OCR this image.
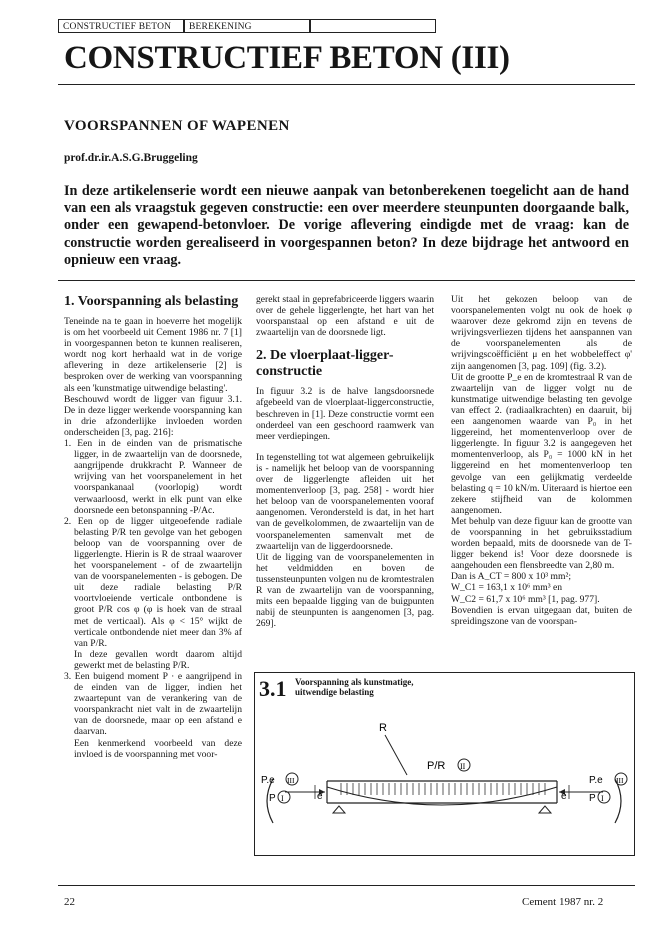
CONSTRUCTIEF BETON	BEREKENING
CONSTRUCTIEF BETON (III)
VOORSPANNEN OF WAPENEN
prof.dr.ir.A.S.G.Bruggeling
In deze artikelenserie wordt een nieuwe aanpak van betonberekenen toegelicht aan de hand van een als vraagstuk gegeven constructie: een over meerdere steunpunten doorgaande balk, onder een gewapend-betonvloer. De vorige aflevering eindigde met de vraag: kan de constructie worden gerealiseerd in voorgespannen beton? In deze bijdrage het antwoord en opnieuw een vraag.
1. Voorspanning als belasting

Teneinde na te gaan in hoeverre het mogelijk is om het voorbeeld uit Cement 1986 nr. 7 [1] in voorgespannen beton te kunnen realiseren, wordt nog kort herhaald wat in de vorige aflevering in deze artikelenserie [2] is besproken over de werking van voorspanning als een 'kunstmatige uitwendige belasting'.

Beschouwd wordt de ligger van figuur 3.1. De in deze ligger werkende voorspanning kan in drie afzonderlijke invloeden worden onderscheiden [3, pag. 216]:

1. Een in de einden van de prismatische ligger, in de zwaartelijn van de doorsnede, aangrijpende drukkracht P. Wanneer de wrijving van het voorspanelement in het voorspankanaal (voorlopig) wordt verwaarloosd, werkt in elk punt van elke doorsnede een betonspanning -P/Ac.

2. Een op de ligger uitgeoefende radiale belasting P/R ten gevolge van het gebogen beloop van de voorspanning over de liggerlengte. Hierin is R de straal waarover het voorspanelement - of de zwaartelijn van de voorspanelementen - is gebogen. De uit deze radiale belasting P/R voortvloeiende verticale ontbondene is groot P/R cos φ (φ is hoek van de straal met de verticaal). Als φ < 15° wijkt de verticale ontbondende niet meer dan 3% af van P/R.

In deze gevallen wordt daarom altijd gewerkt met de belasting P/R.

3. Een buigend moment P · e aangrijpend in de einden van de ligger, indien het zwaartepunt van de verankering van de voorspankracht niet valt in de zwaartelijn van de doorsnede, maar op een afstand e daarvan.

Een kenmerkend voorbeeld van deze invloed is de voorspanning met voor-

gerekt staal in geprefabriceerde liggers waarin over de gehele liggerlengte, het hart van het voorspanstaal op een afstand e uit de zwaartelijn van de doorsnede ligt.

2. De vloerplaat-ligger-constructie

In figuur 3.2 is de halve langsdoorsnede afgebeeld van de vloerplaat-liggerconstructie, beschreven in [1]. Deze constructie vormt een onderdeel van een geschoord raamwerk van meer verdiepingen.

In tegenstelling tot wat algemeen gebruikelijk is - namelijk het beloop van de voorspanning over de liggerlengte afleiden uit het momentenverloop [3, pag. 258] - wordt hier het beloop van de voorspanelementen vooraf aangenomen. Verondersteld is dat, in het hart van de gevelkolommen, de zwaartelijn van de voorspanelementen samenvalt met de zwaartelijn van de liggerdoorsnede.

Uit de ligging van de voorspanelementen in het veldmidden en boven de tussensteunpunten volgen nu de kromtestralen R van de zwaartelijn van de voorspanning, mits een bepaalde ligging van de buigpunten nabij de steunpunten is aangenomen [3, pag. 269].

Uit het gekozen beloop van de voorspanelementen volgt nu ook de hoek φ waarover deze gekromd zijn en tevens de wrijvingsverliezen tijdens het aanspannen van de voorspanelementen als de wrijvingscoëfficiënt μ en het wobbeleffect φ' zijn aangenomen [3, pag. 109] (fig. 3.2).

Uit de grootte P_e en de kromtestraal R van de zwaartelijn van de ligger volgt nu de kunstmatige uitwendige belasting ten gevolge van effect 2. (radiaalkrachten) en daaruit, bij een aangenomen waarde van P₀ in het liggereind, het momentenverloop over de liggerlengte. In figuur 3.2 is aangegeven het momentenverloop, als P₀ = 1000 kN in het liggereind en het momentenverloop ten gevolge van een gelijkmatig verdeelde belasting q = 10 kN/m. Uiteraard is hiertoe een zekere stijfheid van de kolommen aangenomen.

Met behulp van deze figuur kan de grootte van de voorspanning in het gebruiksstadium worden bepaald, mits de doorsnede van de T-ligger bekend is! Voor deze doorsnede is aangehouden een flensbreedte van 2,80 m.

Dan is A_CT = 800 x 10³ mm²;

W_C1 = 163,1 x 10⁶ mm³ en

W_C2 = 61,7 x 10⁶ mm³ [1, pag. 977].

Bovendien is ervan uitgegaan dat, buiten de spreidingszone van de voorspan-

3.1 Voorspanning als kunstmatige,
uitwendige belasting
R
P/R II
P.e III
P I	e	e
P.e III
P I
22	Cement 1987 nr. 2
